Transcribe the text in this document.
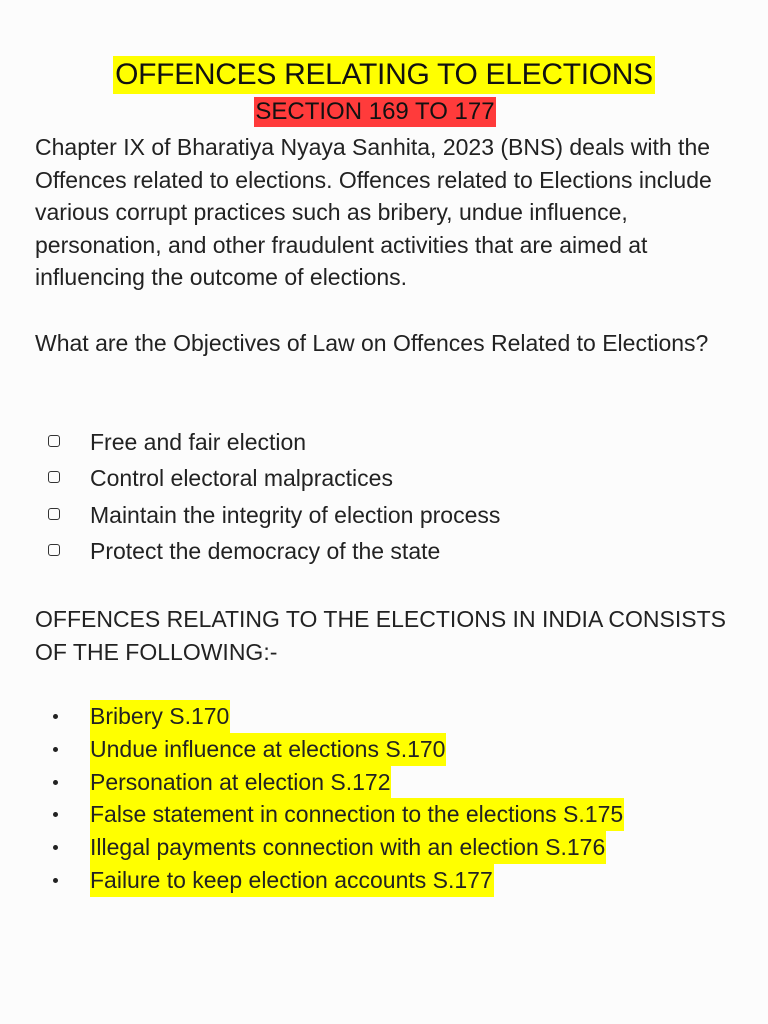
OFFENCES RELATING TO ELECTIONS
SECTION 169 TO 177

Chapter IX of Bharatiya Nyaya Sanhita, 2023 (BNS) deals with the Offences related to elections. Offences related to Elections include various corrupt practices such as bribery, undue influence, personation, and other fraudulent activities that are aimed at influencing the outcome of elections.

What are the Objectives of Law on Offences Related to Elections?

Free and fair election
Control electoral malpractices
Maintain the integrity of election process
Protect the democracy of the state

OFFENCES RELATING TO THE ELECTIONS IN INDIA CONSISTS OF THE FOLLOWING:-

Bribery S.170
Undue influence at elections S.170
Personation at election S.172
False statement in connection to the elections S.175
Illegal payments connection with an election S.176
Failure to keep election accounts S.177
